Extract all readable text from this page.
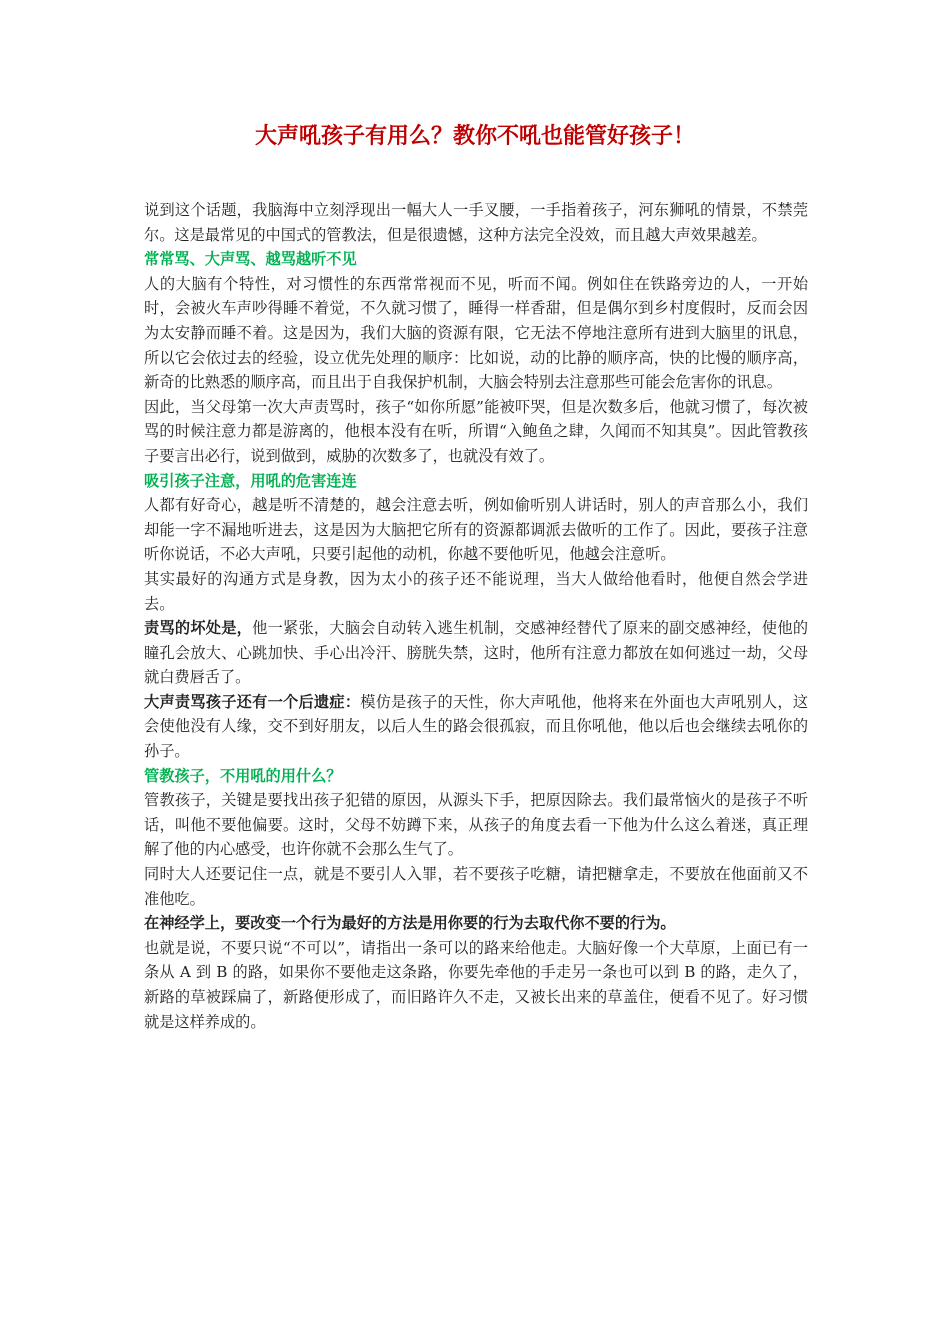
大声吼孩子有用么？教你不吼也能管好孩子！

说到这个话题，我脑海中立刻浮现出一幅大人一手叉腰，一手指着孩子，河东狮吼的情景，不禁莞尔。这是最常见的中国式的管教法，但是很遗憾，这种方法完全没效，而且越大声效果越差。

常常骂、大声骂、越骂越听不见

人的大脑有个特性，对习惯性的东西常常视而不见，听而不闻。例如住在铁路旁边的人，一开始时，会被火车声吵得睡不着觉，不久就习惯了，睡得一样香甜，但是偶尔到乡村度假时，反而会因为太安静而睡不着。这是因为，我们大脑的资源有限，它无法不停地注意所有进到大脑里的讯息，所以它会依过去的经验，设立优先处理的顺序：比如说，动的比静的顺序高，快的比慢的顺序高，新奇的比熟悉的顺序高，而且出于自我保护机制，大脑会特别去注意那些可能会危害你的讯息。

因此，当父母第一次大声责骂时，孩子“如你所愿”能被吓哭，但是次数多后，他就习惯了，每次被骂的时候注意力都是游离的，他根本没有在听，所谓“入鲍鱼之肆，久闻而不知其臭”。因此管教孩子要言出必行，说到做到，威胁的次数多了，也就没有效了。

吸引孩子注意，用吼的危害连连

人都有好奇心，越是听不清楚的，越会注意去听，例如偷听别人讲话时，别人的声音那么小，我们却能一字不漏地听进去，这是因为大脑把它所有的资源都调派去做听的工作了。因此，要孩子注意听你说话，不必大声吼，只要引起他的动机，你越不要他听见，他越会注意听。

其实最好的沟通方式是身教，因为太小的孩子还不能说理，当大人做给他看时，他便自然会学进去。

责骂的坏处是，他一紧张，大脑会自动转入逃生机制，交感神经替代了原来的副交感神经，使他的瞳孔会放大、心跳加快、手心出冷汗、膀胱失禁，这时，他所有注意力都放在如何逃过一劫，父母就白费唇舌了。

大声责骂孩子还有一个后遗症：模仿是孩子的天性，你大声吼他，他将来在外面也大声吼别人，这会使他没有人缘，交不到好朋友，以后人生的路会很孤寂，而且你吼他，他以后也会继续去吼你的孙子。

管教孩子，不用吼的用什么？

管教孩子，关键是要找出孩子犯错的原因，从源头下手，把原因除去。我们最常恼火的是孩子不听话，叫他不要他偏要。这时，父母不妨蹲下来，从孩子的角度去看一下他为什么这么着迷，真正理解了他的内心感受，也许你就不会那么生气了。

同时大人还要记住一点，就是不要引人入罪，若不要孩子吃糖，请把糖拿走，不要放在他面前又不准他吃。

在神经学上，要改变一个行为最好的方法是用你要的行为去取代你不要的行为。

也就是说，不要只说“不可以”，请指出一条可以的路来给他走。大脑好像一个大草原，上面已有一条从 A 到 B 的路，如果你不要他走这条路，你要先牵他的手走另一条也可以到 B 的路，走久了，新路的草被踩扁了，新路便形成了，而旧路许久不走，又被长出来的草盖住，便看不见了。好习惯就是这样养成的。
